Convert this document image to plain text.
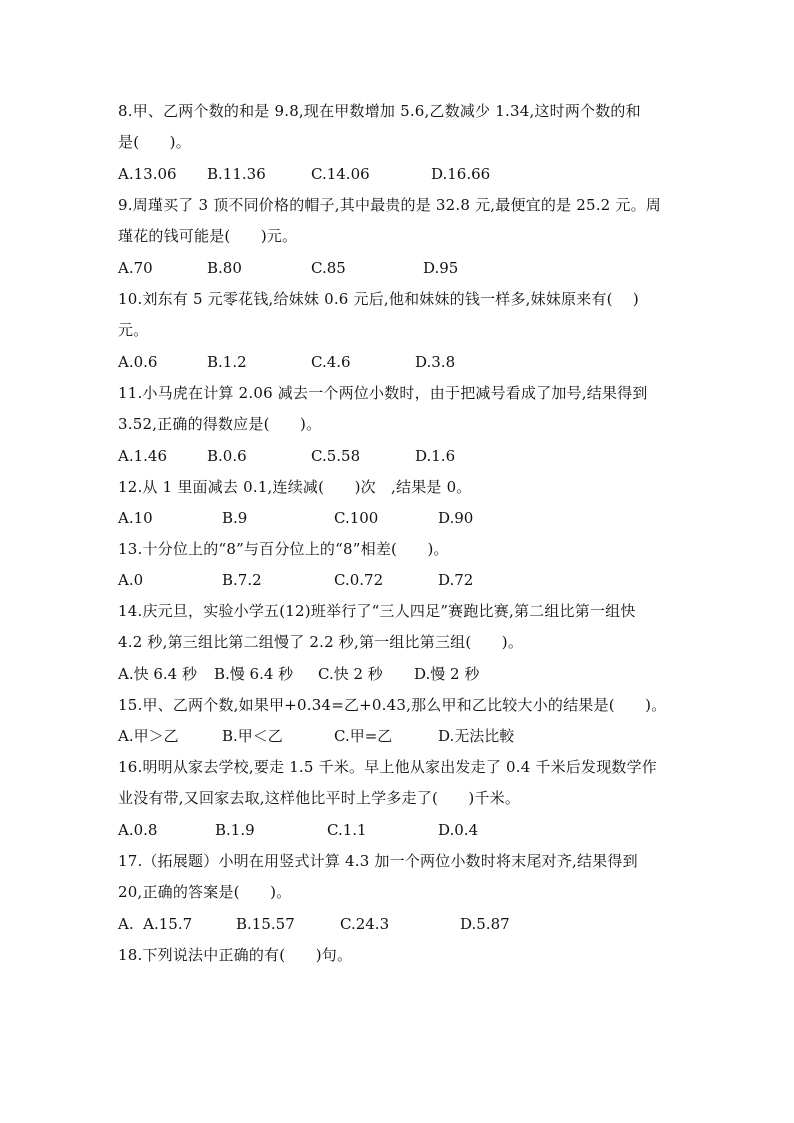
8.甲、乙两个数的和是 9.8,现在甲数增加 5.6,乙数减少 1.34,这时两个数的和
是(　　)。

A.13.06

B.11.36

	C.14.06

	D.16.66

9.周瑾买了 3 顶不同价格的帽子,其中最贵的是 32.8 元,最便宜的是 25.2 元。周
瑾花的钱可能是(　　)元。

A.70

	B.80

	C.85

	D.95

10.刘东有 5 元零花钱,给妹妹 0.6 元后,他和妹妹的钱一样多,妹妹原来有(　 )
元。

A.0.6

	B.1.2

	C.4.6

	D.3.8

11.小马虎在计算 2.06 减去一个两位小数时，由于把减号看成了加号,结果得到
3.52,正确的得数应是(　　)。

A.1.46

	B.0.6

	C.5.58

	D.1.6

12.从 1 里面减去 0.1,连续减(　　)次　,结果是 0。

A.10

	B.9

	C.100

	D.90

13.十分位上的“8”与百分位上的“8”相差(　　)。

A.0

	B.7.2

	C.0.72

	D.72

14.庆元旦，实验小学五(12)班举行了“三人四足”赛跑比赛,第二组比第一组快
4.2 秒,第三组比第二组慢了 2.2 秒,第一组比第三组(　　)。

A.快 6.4 秒

B.慢 6.4 秒

C.快 2 秒

D.慢 2 秒

15.甲、乙两个数,如果甲+0.34=乙+0.43,那么甲和乙比较大小的结果是(　　)。

A.甲＞乙

	B.甲＜乙

	C.甲=乙

	D.无法比較

16.明明从家去学校,要走 1.5 千米。早上他从家出发走了 0.4 千米后发现数学作
业没有带,又回家去取,这样他比平时上学多走了(　　)千米。

A.0.8

	B.1.9

	C.1.1

	D.0.4

17.（拓展题）小明在用竖式计算 4.3 加一个两位小数时将末尾对齐,结果得到
20,正确的答案是(　　)。

A.  A.15.7

	B.15.57

	C.24.3

	D.5.87

18.下列说法中正确的有(　　)句。
